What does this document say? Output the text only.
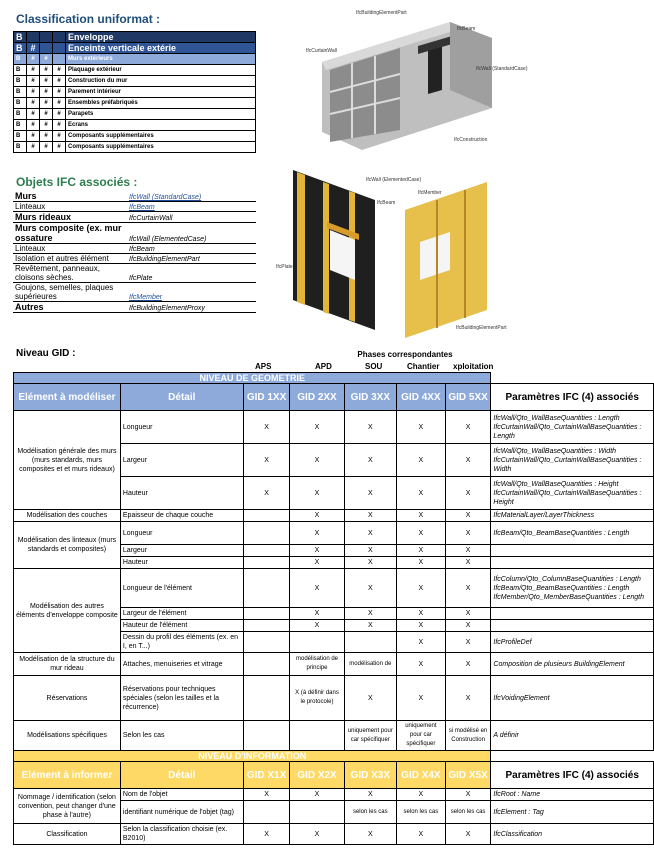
Classification uniformat :
Objets IFC associés :
Niveau GID :
B				Enveloppe
B	#			Enceinte verticale extérie
B	#	#		Murs extérieurs
B	#	#	#	Plaquage extérieur
B	#	#	#	Construction du mur
B	#	#	#	Parement intérieur
B	#	#	#	Ensembles préfabriqués
B	#	#	#	Parapets
B	#	#	#	Ecrans
B	#	#	#	Composants supplémentaires
B	#	#	#	Composants supplémentaires
Murs	IfcWall (StandardCase)
Linteaux	IfcBeam
Murs rideaux	IfcCurtainWall
Murs composite (ex. mur ossature	IfcWall (ElementedCase)
Linteaux	IfcBeam
Isolation et autres élément	IfcBuildingElementPart
Revêtement, panneaux, cloisons sèches.	IfcPlate
Goujons, semelles, plaques supérieures	IfcMember
Autres	IfcBuildingElementProxy
IfcBuildingElementPart
IfcBeam
IfcCurtainWall
IfcWall (StandardCase)
IfcConstruction
IfcWall (ElementedCase)
IfcBeam
IfcMember
IfcPlate
IfcBuildingElementPart
Phases correspondantes
APS	APD	SOU	Chantier xploitation
NIVEAU DE GEOMETRIE							
Elément à modéliser	Détail	GID 1XX	GID 2XX	GID 3XX	GID 4XX	GID 5XX	Paramètres IFC (4) associés
Modélisation générale des murs (murs standards, murs composites et et murs rideaux)	Longueur	X	X	X	X	X	IfcWall/Qto_WallBaseQuantities : Length IfcCurtainWall/Qto_CurtainWallBaseQuantities : Length
	Largeur	X	X	X	X	X	IfcWall/Qto_WallBaseQuantities : Width IfcCurtainWall/Qto_CurtainWallBaseQuantities : Width
	Hauteur	X	X	X	X	X	IfcWall/Qto_WallBaseQuantities : Height IfcCurtainWall/Qto_CurtainWallBaseQuantities : Height
Modélisation des couches	Epaisseur de chaque couche		X	X	X	X	IfcMaterialLayer/LayerThickness
Modélisation des linteaux (murs standards et composites)	Longueur		X	X	X	X	IfcBeam/Qto_BeamBaseQuantities : Length
	Largeur		X	X	X	X	
	Hauteur		X	X	X	X	
Modélisation des autres éléments d'enveloppe composite	Longueur de l'élément		X	X	X	X	IfcColumn/Qto_ColumnBaseQuantities : Length IfcBeam/Qto_BeamBaseQuantities : Length IfcMember/Qto_MemberBaseQuantities : Length
	Largeur de l'élément		X	X	X	X	
	Hauteur de l'élément		X	X	X	X	
	Dessin du profil des éléments (ex. en I, en T...)				X	X	IfcProfileDef
Modélisation de la structure du mur rideau	Attaches, menuiseries et vitrage		modélisation de principe	modélisation de	X	X	Composition de plusieurs BuildingElement
Réservations	Réservations pour techniques spéciales (selon les tailles et la récurrence)		X (à définir dans le protocole)	X	X	X	IfcVoidingElement
Modélisations spécifiques	Selon les cas			uniquement pour car spécifiquer	uniquement pour car spécifiquer	si modélisé en Construction	A définir
NIVEAU D'INFORMATION							
Elément à informer	Détail	GID X1X	GID X2X	GID X3X	GID X4X	GID X5X	Paramètres IFC (4) associés
Nommage / identification (selon convention, peut changer d'une phase à l'autre)	Nom de l'objet	X	X	X	X	X	IfcRoot : Name
	identifiant numérique de l'objet (tag)			selon les cas	selon les cas	selon les cas	IfcElement : Tag
Classification	Selon la classification choisie (ex. B2010)	X	X	X	X	X	IfcClassification
